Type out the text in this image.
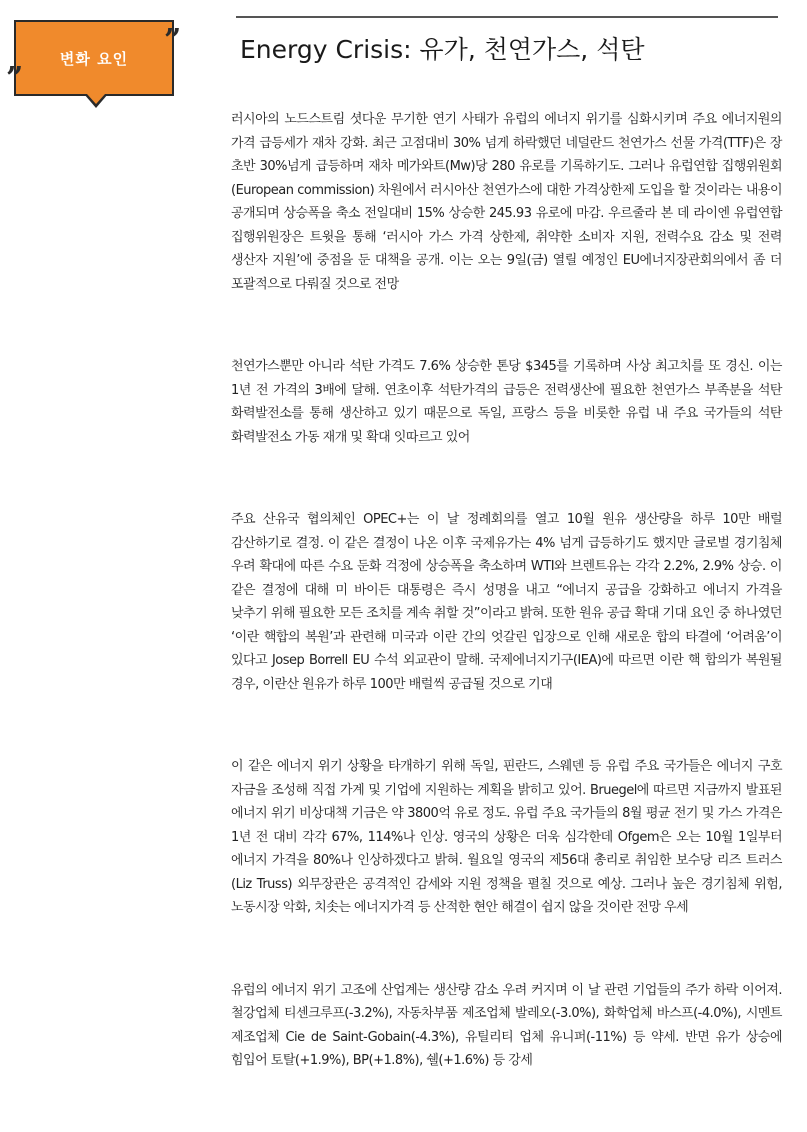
변화 요인
”
”
Energy Crisis: 유가, 천연가스, 석탄

러시아의 노드스트림 셧다운 무기한 연기 사태가 유럽의 에너지 위기를 심화시키며 주요 에너지원의 가격 급등세가 재차 강화. 최근 고점대비 30% 넘게 하락했던 네덜란드 천연가스 선물 가격(TTF)은 장 초반 30%넘게 급등하며 재차 메가와트(Mw)당 280 유로를 기록하기도. 그러나 유럽연합 집행위원회(European commission) 차원에서 러시아산 천연가스에 대한 가격상한제 도입을 할 것이라는 내용이 공개되며 상승폭을 축소 전일대비 15% 상승한 245.93 유로에 마감. 우르줄라 본 데 라이엔 유럽연합 집행위원장은 트윗을 통해 ‘러시아 가스 가격 상한제, 취약한 소비자 지원, 전력수요 감소 및 전력 생산자 지원’에 중점을 둔 대책을 공개. 이는 오는 9일(금) 열릴 예정인 EU에너지장관회의에서 좀 더 포괄적으로 다뤄질 것으로 전망

천연가스뿐만 아니라 석탄 가격도 7.6% 상승한 톤당 $345를 기록하며 사상 최고치를 또 경신. 이는 1년 전 가격의 3배에 달해. 연초이후 석탄가격의 급등은 전력생산에 필요한 천연가스 부족분을 석탄 화력발전소를 통해 생산하고 있기 때문으로 독일, 프랑스 등을 비롯한 유럽 내 주요 국가들의 석탄 화력발전소 가동 재개 및 확대 잇따르고 있어

주요 산유국 협의체인 OPEC+는 이 날 정례회의를 열고 10월 원유 생산량을 하루 10만 배럴 감산하기로 결정. 이 같은 결정이 나온 이후 국제유가는 4% 넘게 급등하기도 했지만 글로벌 경기침체 우려 확대에 따른 수요 둔화 걱정에 상승폭을 축소하며 WTI와 브렌트유는 각각 2.2%, 2.9% 상승. 이 같은 결정에 대해 미 바이든 대통령은 즉시 성명을 내고 “에너지 공급을 강화하고 에너지 가격을 낮추기 위해 필요한 모든 조치를 계속 취할 것”이라고 밝혀. 또한 원유 공급 확대 기대 요인 중 하나였던 ‘이란 핵합의 복원’과 관련해 미국과 이란 간의 엇갈린 입장으로 인해 새로운 합의 타결에 ‘어려움’이 있다고 Josep Borrell EU 수석 외교관이 말해. 국제에너지기구(IEA)에 따르면 이란 핵 합의가 복원될 경우, 이란산 원유가 하루 100만 배럴씩 공급될 것으로 기대

이 같은 에너지 위기 상황을 타개하기 위해 독일, 핀란드, 스웨덴 등 유럽 주요 국가들은 에너지 구호 자금을 조성해 직접 가계 및 기업에 지원하는 계획을 밝히고 있어. Bruegel에 따르면 지금까지 발표된 에너지 위기 비상대책 기금은 약 3800억 유로 정도. 유럽 주요 국가들의 8월 평균 전기 및 가스 가격은 1년 전 대비 각각 67%, 114%나 인상. 영국의 상황은 더욱 심각한데 Ofgem은 오는 10월 1일부터 에너지 가격을 80%나 인상하겠다고 밝혀. 월요일 영국의 제56대 총리로 취임한 보수당 리즈 트러스(Liz Truss) 외무장관은 공격적인 감세와 지원 정책을 펼칠 것으로 예상. 그러나 높은 경기침체 위험, 노동시장 악화, 치솟는 에너지가격 등 산적한 현안 해결이 쉽지 않을 것이란 전망 우세

유럽의 에너지 위기 고조에 산업계는 생산량 감소 우려 커지며 이 날 관련 기업들의 주가 하락 이어져. 철강업체 티센크루프(-3.2%), 자동차부품 제조업체 발레오(-3.0%), 화학업체 바스프(-4.0%), 시멘트 제조업체 Cie de Saint-Gobain(-4.3%), 유틸리티 업체 유니퍼(-11%) 등 약세. 반면 유가 상승에 힘입어 토탈(+1.9%), BP(+1.8%), 쉘(+1.6%) 등 강세
